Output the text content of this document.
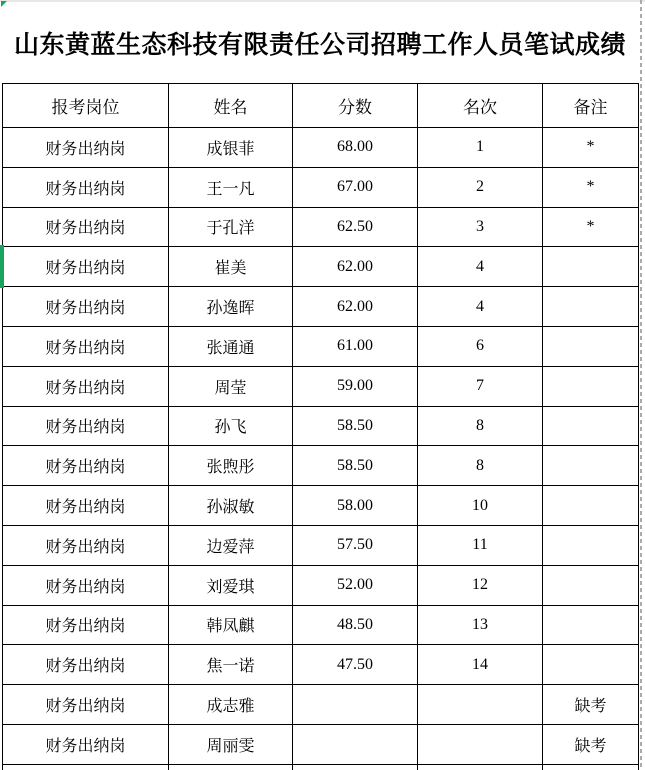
山东黄蓝生态科技有限责任公司招聘工作人员笔试成绩
报考岗位	姓名	分数	名次	备注
财务出纳岗	成银菲	68.00	1	*
财务出纳岗	王一凡	67.00	2	*
财务出纳岗	于孔洋	62.50	3	*
财务出纳岗	崔美	62.00	4	
财务出纳岗	孙逸晖	62.00	4	
财务出纳岗	张通通	61.00	6	
财务出纳岗	周莹	59.00	7	
财务出纳岗	孙飞	58.50	8	
财务出纳岗	张煦彤	58.50	8	
财务出纳岗	孙淑敏	58.00	10	
财务出纳岗	边爱萍	57.50	11	
财务出纳岗	刘爱琪	52.00	12	
财务出纳岗	韩凤麒	48.50	13	
财务出纳岗	焦一诺	47.50	14	
财务出纳岗	成志雅			缺考
财务出纳岗	周丽雯			缺考
